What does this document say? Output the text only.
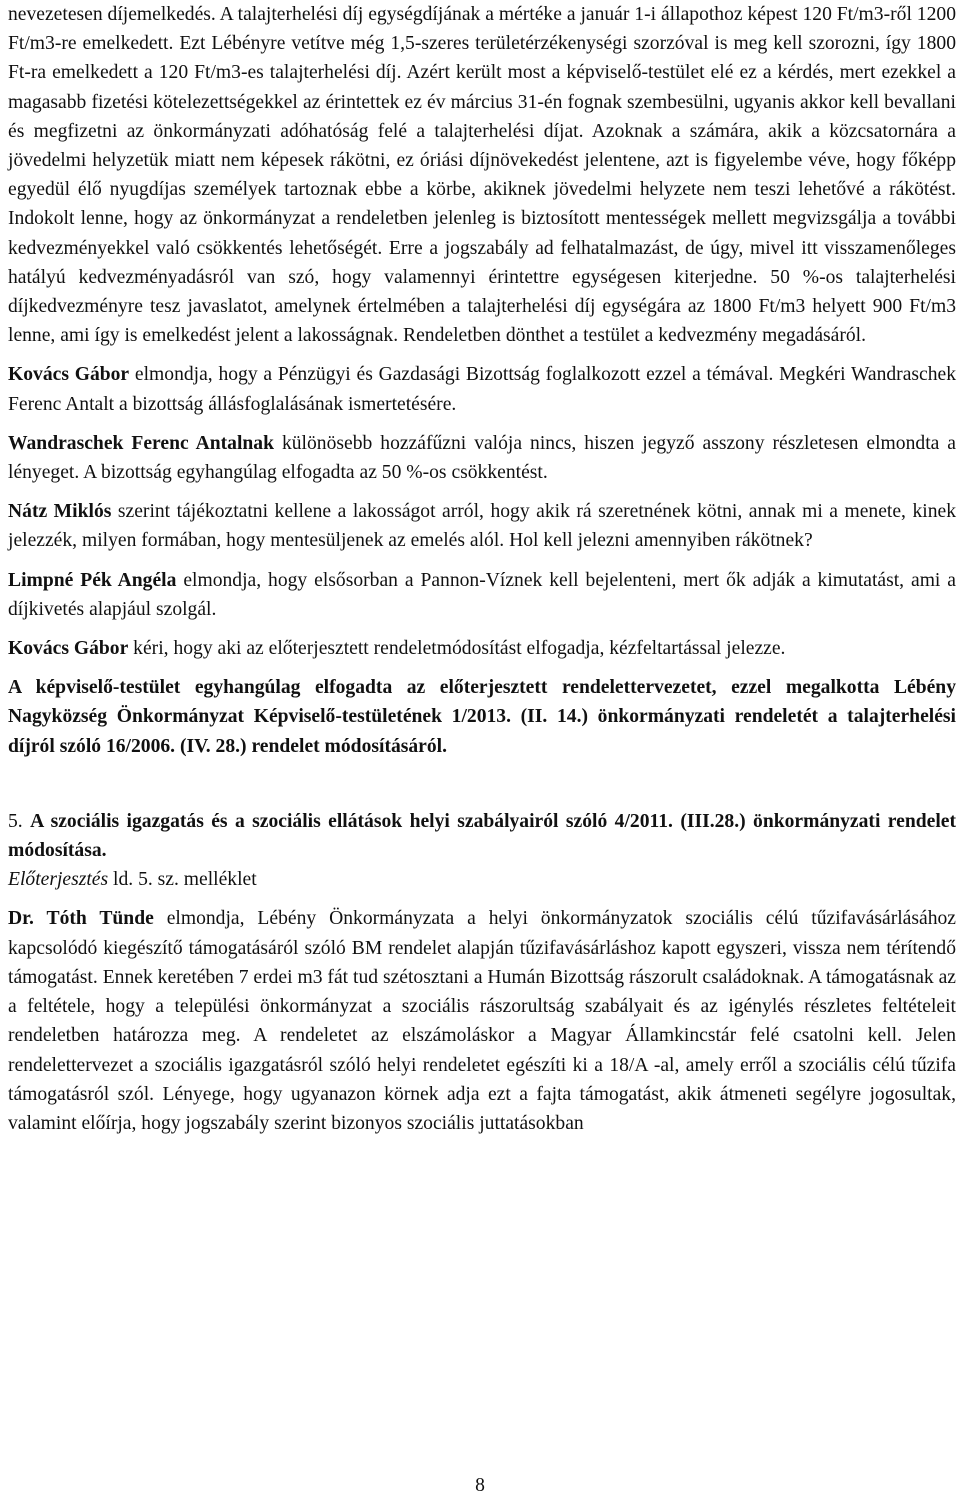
nevezetesen díjemelkedés. A talajterhelési díj egységdíjának a mértéke a január 1-i állapothoz képest 120 Ft/m3-ről 1200 Ft/m3-re emelkedett. Ezt Lébényre vetítve még 1,5-szeres területérzékenységi szorzóval is meg kell szorozni, így 1800 Ft-ra emelkedett a 120 Ft/m3-es talajterhelési díj. Azért került most a képviselő-testület elé ez a kérdés, mert ezekkel a magasabb fizetési kötelezettségekkel az érintettek ez év március 31-én fognak szembesülni, ugyanis akkor kell bevallani és megfizetni az önkormányzati adóhatóság felé a talajterhelési díjat. Azoknak a számára, akik a közcsatornára a jövedelmi helyzetük miatt nem képesek rákötni, ez óriási díjnövekedést jelentene, azt is figyelembe véve, hogy főképp egyedül élő nyugdíjas személyek tartoznak ebbe a körbe, akiknek jövedelmi helyzete nem teszi lehetővé a rákötést. Indokolt lenne, hogy az önkormányzat a rendeletben jelenleg is biztosított mentességek mellett megvizsgálja a további kedvezményekkel való csökkentés lehetőségét. Erre a jogszabály ad felhatalmazást, de úgy, mivel itt visszamenőleges hatályú kedvezményadásról van szó, hogy valamennyi érintettre egységesen kiterjedne. 50 %-os talajterhelési díjkedvezményre tesz javaslatot, amelynek értelmében a talajterhelési díj egységára az 1800 Ft/m3 helyett 900 Ft/m3 lenne, ami így is emelkedést jelent a lakosságnak. Rendeletben dönthet a testület a kedvezmény megadásáról.

Kovács Gábor elmondja, hogy a Pénzügyi és Gazdasági Bizottság foglalkozott ezzel a témával. Megkéri Wandraschek Ferenc Antalt a bizottság állásfoglalásának ismertetésére.

Wandraschek Ferenc Antalnak különösebb hozzáfűzni valója nincs, hiszen jegyző asszony részletesen elmondta a lényeget. A bizottság egyhangúlag elfogadta az 50 %-os csökkentést.

Nátz Miklós szerint tájékoztatni kellene a lakosságot arról, hogy akik rá szeretnének kötni, annak mi a menete, kinek jelezzék, milyen formában, hogy mentesüljenek az emelés alól. Hol kell jelezni amennyiben rákötnek?

Limpné Pék Angéla elmondja, hogy elsősorban a Pannon-Víznek kell bejelenteni, mert ők adják a kimutatást, ami a díjkivetés alapjául szolgál.

Kovács Gábor kéri, hogy aki az előterjesztett rendeletmódosítást elfogadja, kézfeltartással jelezze.

A képviselő-testület egyhangúlag elfogadta az előterjesztett rendelettervezetet, ezzel megalkotta Lébény Nagyközség Önkormányzat Képviselő-testületének 1/2013. (II. 14.) önkormányzati rendeletét a talajterhelési díjról szóló 16/2006. (IV. 28.) rendelet módosításáról.

5. A szociális igazgatás és a szociális ellátások helyi szabályairól szóló 4/2011. (III.28.) önkormányzati rendelet módosítása.

Előterjesztés ld. 5. sz. melléklet

Dr. Tóth Tünde elmondja, Lébény Önkormányzata a helyi önkormányzatok szociális célú tűzifavásárlásához kapcsolódó kiegészítő támogatásáról szóló BM rendelet alapján tűzifavásárláshoz kapott egyszeri, vissza nem térítendő támogatást. Ennek keretében 7 erdei m3 fát tud szétosztani a Humán Bizottság rászorult családoknak. A támogatásnak az a feltétele, hogy a települési önkormányzat a szociális rászorultság szabályait és az igénylés részletes feltételeit rendeletben határozza meg. A rendeletet az elszámoláskor a Magyar Államkincstár felé csatolni kell. Jelen rendelettervezet a szociális igazgatásról szóló helyi rendeletet egészíti ki a 18/A -al, amely erről a szociális célú tűzifa támogatásról szól. Lényege, hogy ugyanazon körnek adja ezt a fajta támogatást, akik átmeneti segélyre jogosultak, valamint előírja, hogy jogszabály szerint bizonyos szociális juttatásokban

8
